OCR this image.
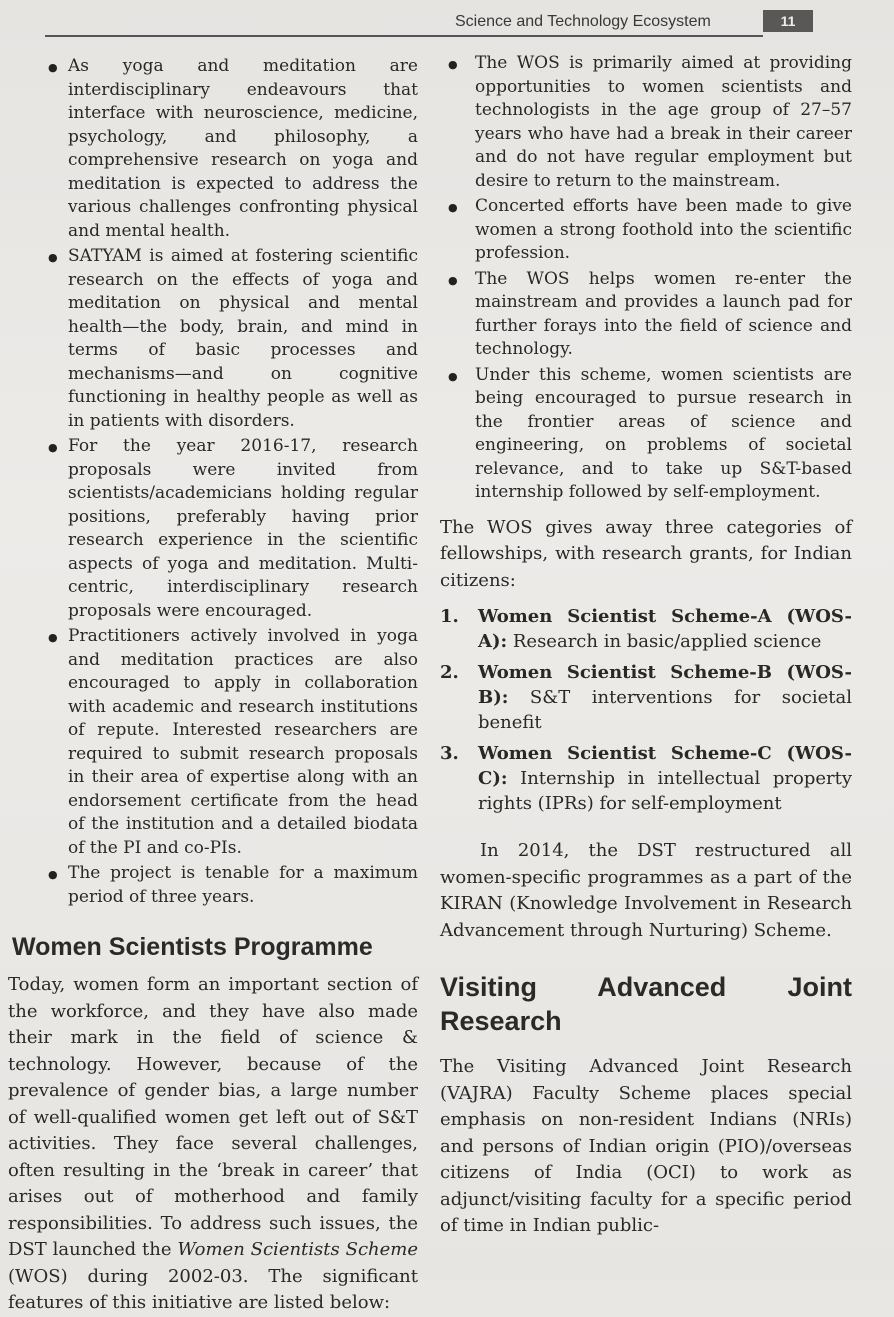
Science and Technology Ecosystem	11
● As yoga and meditation are interdisciplinary endeavours that interface with neuroscience, medicine, psychology, and philosophy, a comprehensive research on yoga and meditation is expected to address the various challenges confronting physical and mental health.
● SATYAM is aimed at fostering scientific research on the effects of yoga and meditation on physical and mental health—the body, brain, and mind in terms of basic processes and mechanisms—and on cognitive functioning in healthy people as well as in patients with disorders.
● For the year 2016-17, research proposals were invited from scientists/academicians holding regular positions, preferably having prior research experience in the scientific aspects of yoga and meditation. Multi-centric, interdisciplinary research proposals were encouraged.
● Practitioners actively involved in yoga and meditation practices are also encouraged to apply in collaboration with academic and research institutions of repute. Interested researchers are required to submit research proposals in their area of expertise along with an endorsement certificate from the head of the institution and a detailed biodata of the PI and co-PIs.
● The project is tenable for a maximum period of three years.
Women Scientists Programme

Today, women form an important section of the workforce, and they have also made their mark in the field of science & technology. However, because of the prevalence of gender bias, a large number of well-qualified women get left out of S&T activities. They face several challenges, often resulting in the ‘break in career’ that arises out of motherhood and family responsibilities. To address such issues, the DST launched the Women Scientists Scheme (WOS) during 2002-03. The significant features of this initiative are listed below:

● The WOS is primarily aimed at providing opportunities to women scientists and technologists in the age group of 27–57 years who have had a break in their career and do not have regular employment but desire to return to the mainstream.
● Concerted efforts have been made to give women a strong foothold into the scientific profession.
● The WOS helps women re-enter the mainstream and provides a launch pad for further forays into the field of science and technology.
● Under this scheme, women scientists are being encouraged to pursue research in the frontier areas of science and engineering, on problems of societal relevance, and to take up S&T-based internship followed by self-employment.

The WOS gives away three categories of fellowships, with research grants, for Indian citizens:

1. Women Scientist Scheme-A (WOS-A): Research in basic/applied science
2. Women Scientist Scheme-B (WOS-B): S&T interventions for societal benefit
3. Women Scientist Scheme-C (WOS-C): Internship in intellectual property rights (IPRs) for self-employment

In 2014, the DST restructured all women-specific programmes as a part of the KIRAN (Knowledge Involvement in Research Advancement through Nurturing) Scheme.

Visiting Advanced Joint Research

The Visiting Advanced Joint Research (VAJRA) Faculty Scheme places special emphasis on non-resident Indians (NRIs) and persons of Indian origin (PIO)/overseas citizens of India (OCI) to work as adjunct/visiting faculty for a specific period of time in Indian public-
